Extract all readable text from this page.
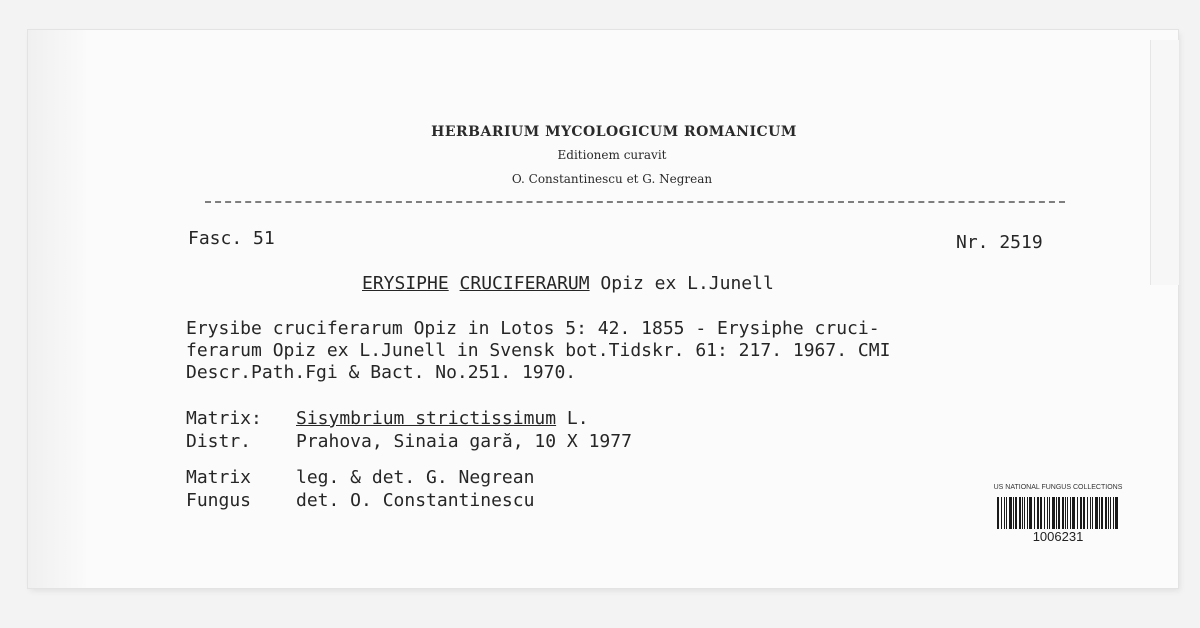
HERBARIUM MYCOLOGICUM ROMANICUM
Editionem curavit
O. Constantinescu et G. Negrean
Fasc. 51	Nr. 2519
ERYSIPHE CRUCIFERARUM Opiz ex L.Junell
Erysibe cruciferarum Opiz in Lotos 5: 42. 1855 - Erysiphe cruci-
ferarum Opiz ex L.Junell in Svensk bot.Tidskr. 61: 217. 1967. CMI
Descr.Path.Fgi & Bact. No.251. 1970.
Matrix: Sisymbrium strictissimum L.
Distr. Prahova, Sinaia gară, 10 X 1977
Matrix leg. & det. G. Negrean
Fungus det. O. Constantinescu
US NATIONAL FUNGUS COLLECTIONS
1006231
